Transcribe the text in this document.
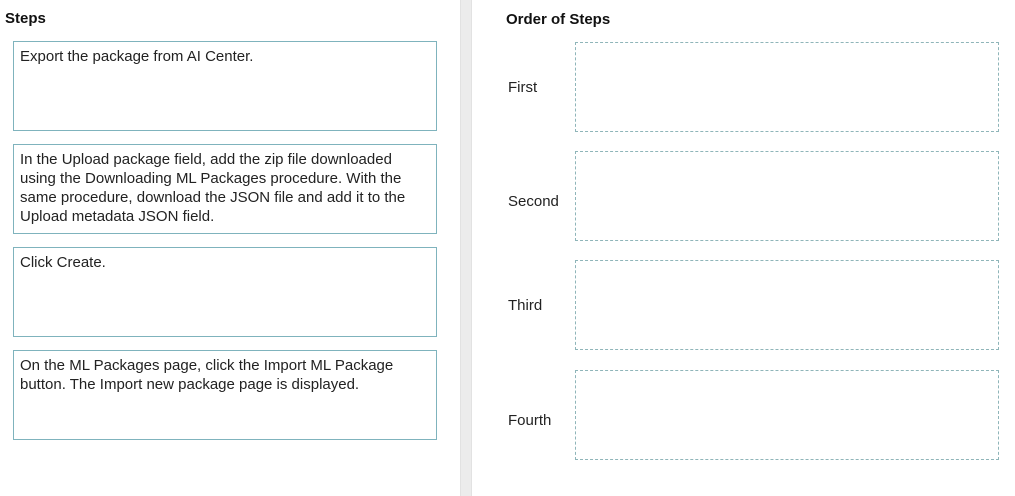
Steps
Export the package from AI Center.
In the Upload package field, add the zip file downloaded using the Downloading ML Packages procedure. With the same procedure, download the JSON file and add it to the Upload metadata JSON field.
Click Create.
On the ML Packages page, click the Import ML Package button. The Import new package page is displayed.
Order of Steps
First
Second
Third
Fourth
